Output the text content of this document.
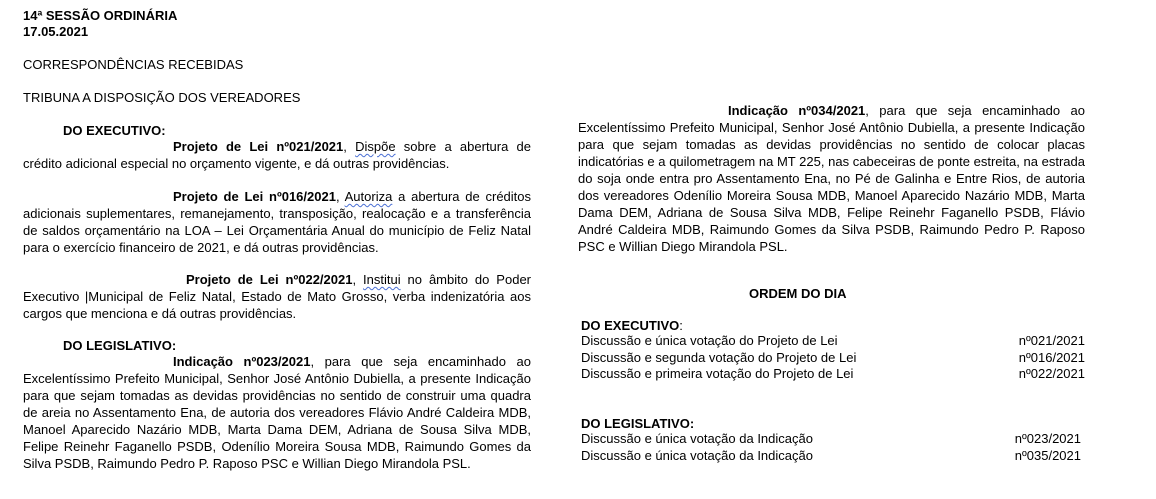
14ª SESSÃO ORDINÁRIA
17.05.2021
CORRESPONDÊNCIAS RECEBIDAS
TRIBUNA A DISPOSIÇÃO DOS VEREADORES
DO EXECUTIVO:
Projeto de Lei nº021/2021, Dispõe sobre a abertura de crédito adicional especial no orçamento vigente, e dá outras providências.
Projeto de Lei nº016/2021, Autoriza a abertura de créditos adicionais suplementares, remanejamento, transposição, realocação e a transferência de saldos orçamentário na LOA – Lei Orçamentária Anual do município de Feliz Natal para o exercício financeiro de 2021, e dá outras providências.
Projeto de Lei nº022/2021, Institui no âmbito do Poder Executivo |Municipal de Feliz Natal, Estado de Mato Grosso, verba indenizatória aos cargos que menciona e dá outras providências.
DO LEGISLATIVO:
Indicação nº023/2021, para que seja encaminhado ao Excelentíssimo Prefeito Municipal, Senhor José Antônio Dubiella, a presente Indicação para que sejam tomadas as devidas providências no sentido de construir uma quadra de areia no Assentamento Ena, de autoria dos vereadores Flávio André Caldeira MDB, Manoel Aparecido Nazário MDB, Marta Dama DEM, Adriana de Sousa Silva MDB, Felipe Reinehr Faganello PSDB, Odenílio Moreira Sousa MDB, Raimundo Gomes da Silva PSDB, Raimundo Pedro P. Raposo PSC e Willian Diego Mirandola PSL.
Indicação nº034/2021, para que seja encaminhado ao Excelentíssimo Prefeito Municipal, Senhor José Antônio Dubiella, a presente Indicação para que sejam tomadas as devidas providências no sentido de colocar placas indicatórias e a quilometragem na MT 225, nas cabeceiras de ponte estreita, na estrada do soja onde entra pro Assentamento Ena, no Pé de Galinha e Entre Rios, de autoria dos vereadores Odenílio Moreira Sousa MDB, Manoel Aparecido Nazário MDB, Marta Dama DEM, Adriana de Sousa Silva MDB, Felipe Reinehr Faganello PSDB, Flávio André Caldeira MDB, Raimundo Gomes da Silva PSDB, Raimundo Pedro P. Raposo PSC e Willian Diego Mirandola PSL.
ORDEM DO DIA
DO EXECUTIVO:
Discussão e única votação do Projeto de Lei	nº021/2021
Discussão e segunda votação do Projeto de Lei	nº016/2021
Discussão e primeira votação do Projeto de Lei	nº022/2021
DO LEGISLATIVO:
Discussão e única votação da Indicação	nº023/2021
Discussão e única votação da Indicação	nº035/2021
